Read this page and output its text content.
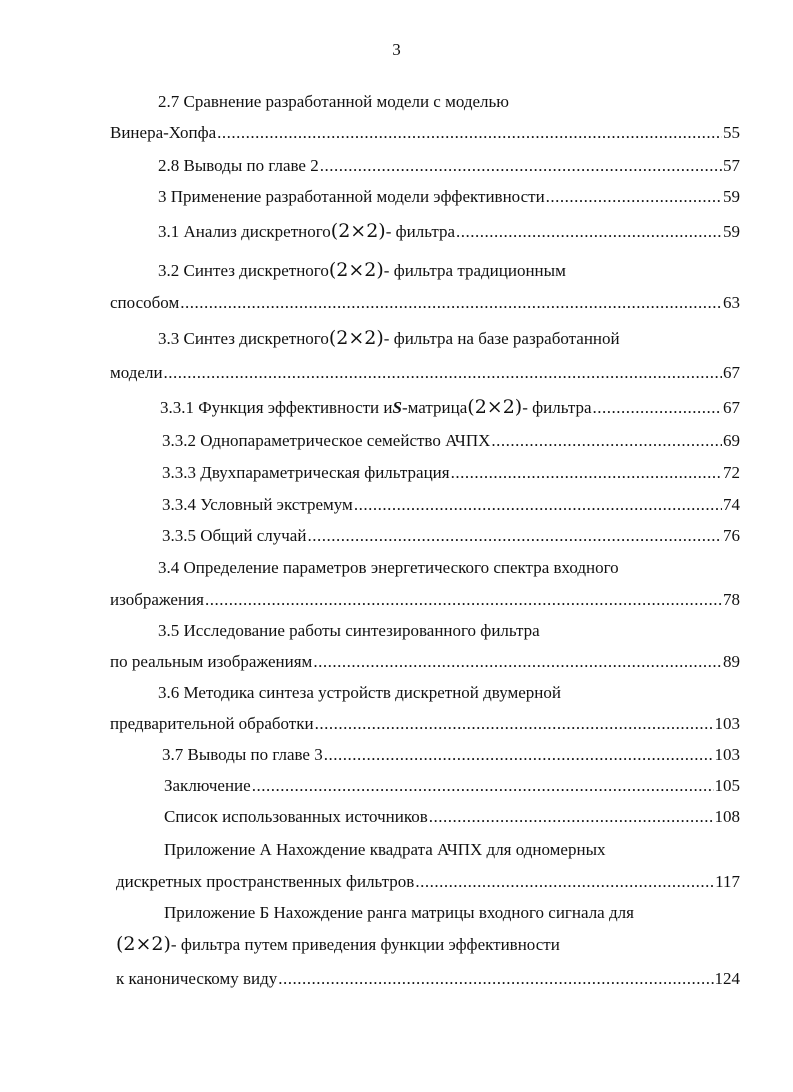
3
2.7 Сравнение разработанной модели с моделью
Винера-Хопфа .....	55
2.8 Выводы по главе 2 .....	57
3 Применение разработанной модели эффективности .....	59
3.1 Анализ дискретного (2×2) - фильтра .....	59
3.2 Синтез дискретного (2×2) - фильтра традиционным
способом .....	63
3.3 Синтез дискретного (2×2) - фильтра на базе разработанной
модели .....	67
3.3.1 Функция эффективности и S -матрица (2×2) - фильтра .....	67
3.3.2 Однопараметрическое семейство АЧПХ .....	69
3.3.3 Двухпараметрическая фильтрация .....	72
3.3.4 Условный экстремум .....	74
3.3.5 Общий случай .....	76
3.4 Определение параметров энергетического спектра входного
изображения .....	78
3.5 Исследование работы синтезированного фильтра
по реальным изображениям .....	89
3.6 Методика синтеза устройств дискретной двумерной
предварительной обработки .....	103
3.7 Выводы по главе 3 .....	103
Заключение .....	105
Список использованных источников .....	108
Приложение А Нахождение квадрата АЧПХ для одномерных
дискретных пространственных фильтров .....	117
Приложение Б Нахождение ранга матрицы входного сигнала для
(2×2) - фильтра путем приведения функции эффективности
к каноническому виду .....	124
